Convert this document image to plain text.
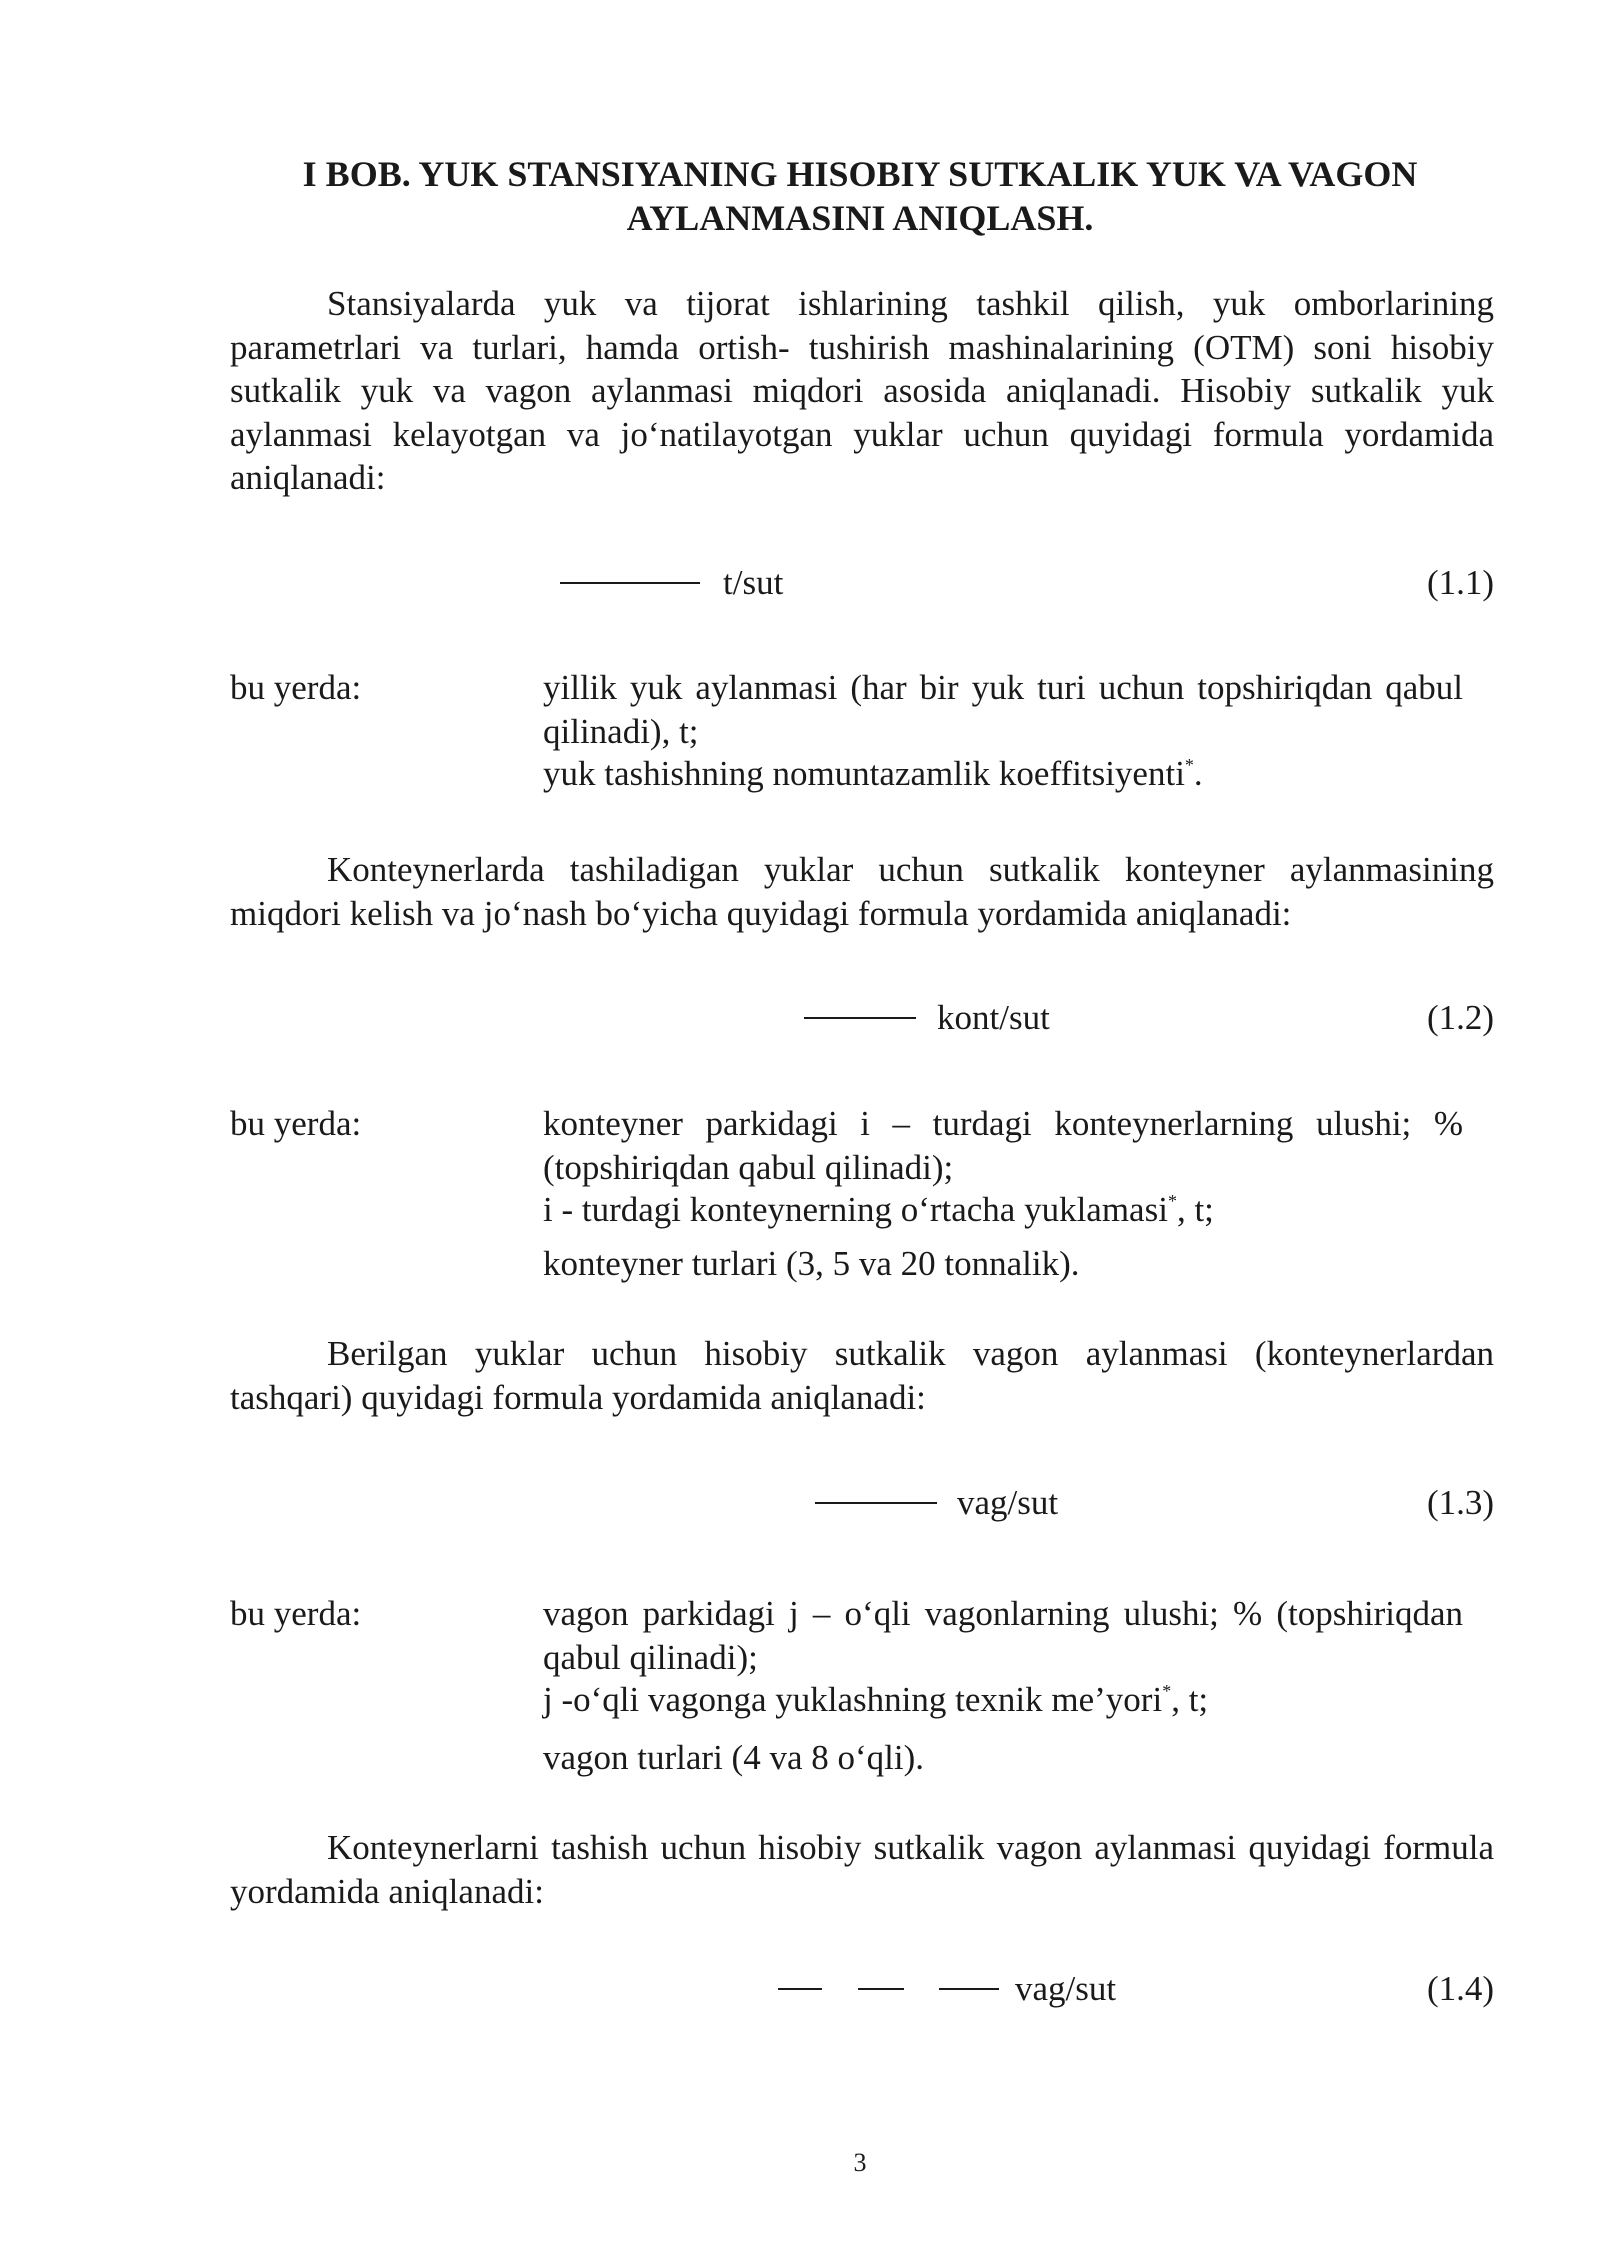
I BOB. YUK STANSIYANING HISOBIY SUTKALIK YUK VA VAGON
AYLANMASINI ANIQLASH.

Stansiyalarda yuk va tijorat ishlarining tashkil qilish, yuk omborlarining parametrlari va turlari, hamda ortish- tushirish mashinalarining (OTM) soni hisobiy sutkalik yuk va vagon aylanmasi miqdori asosida aniqlanadi. Hisobiy sutkalik yuk aylanmasi kelayotgan va jo‘natilayotgan yuklar uchun quyidagi formula yordamida aniqlanadi:

t/sut	(1.1)
bu yerda:	yillik yuk aylanmasi (har bir yuk turi uchun topshiriqdan qabul qilinadi), t;

yuk tashishning nomuntazamlik koeffitsiyenti*.

Konteynerlarda tashiladigan yuklar uchun sutkalik konteyner aylanmasining miqdori kelish va jo‘nash bo‘yicha quyidagi formula yordamida aniqlanadi:

kont/sut	(1.2)
bu yerda:	konteyner parkidagi i – turdagi konteynerlarning ulushi; % (topshiriqdan qabul qilinadi);

i - turdagi konteynerning o‘rtacha yuklamasi*, t;

konteyner turlari (3, 5 va 20 tonnalik).

Berilgan yuklar uchun hisobiy sutkalik vagon aylanmasi (konteynerlardan tashqari) quyidagi formula yordamida aniqlanadi:

vag/sut	(1.3)
bu yerda:	vagon parkidagi j – o‘qli vagonlarning ulushi; % (topshiriqdan qabul qilinadi);

j -o‘qli vagonga yuklashning texnik me’yori*, t;

vagon turlari (4 va 8 o‘qli).

Konteynerlarni tashish uchun hisobiy sutkalik vagon aylanmasi quyidagi formula yordamida aniqlanadi:

vag/sut	(1.4)
3
